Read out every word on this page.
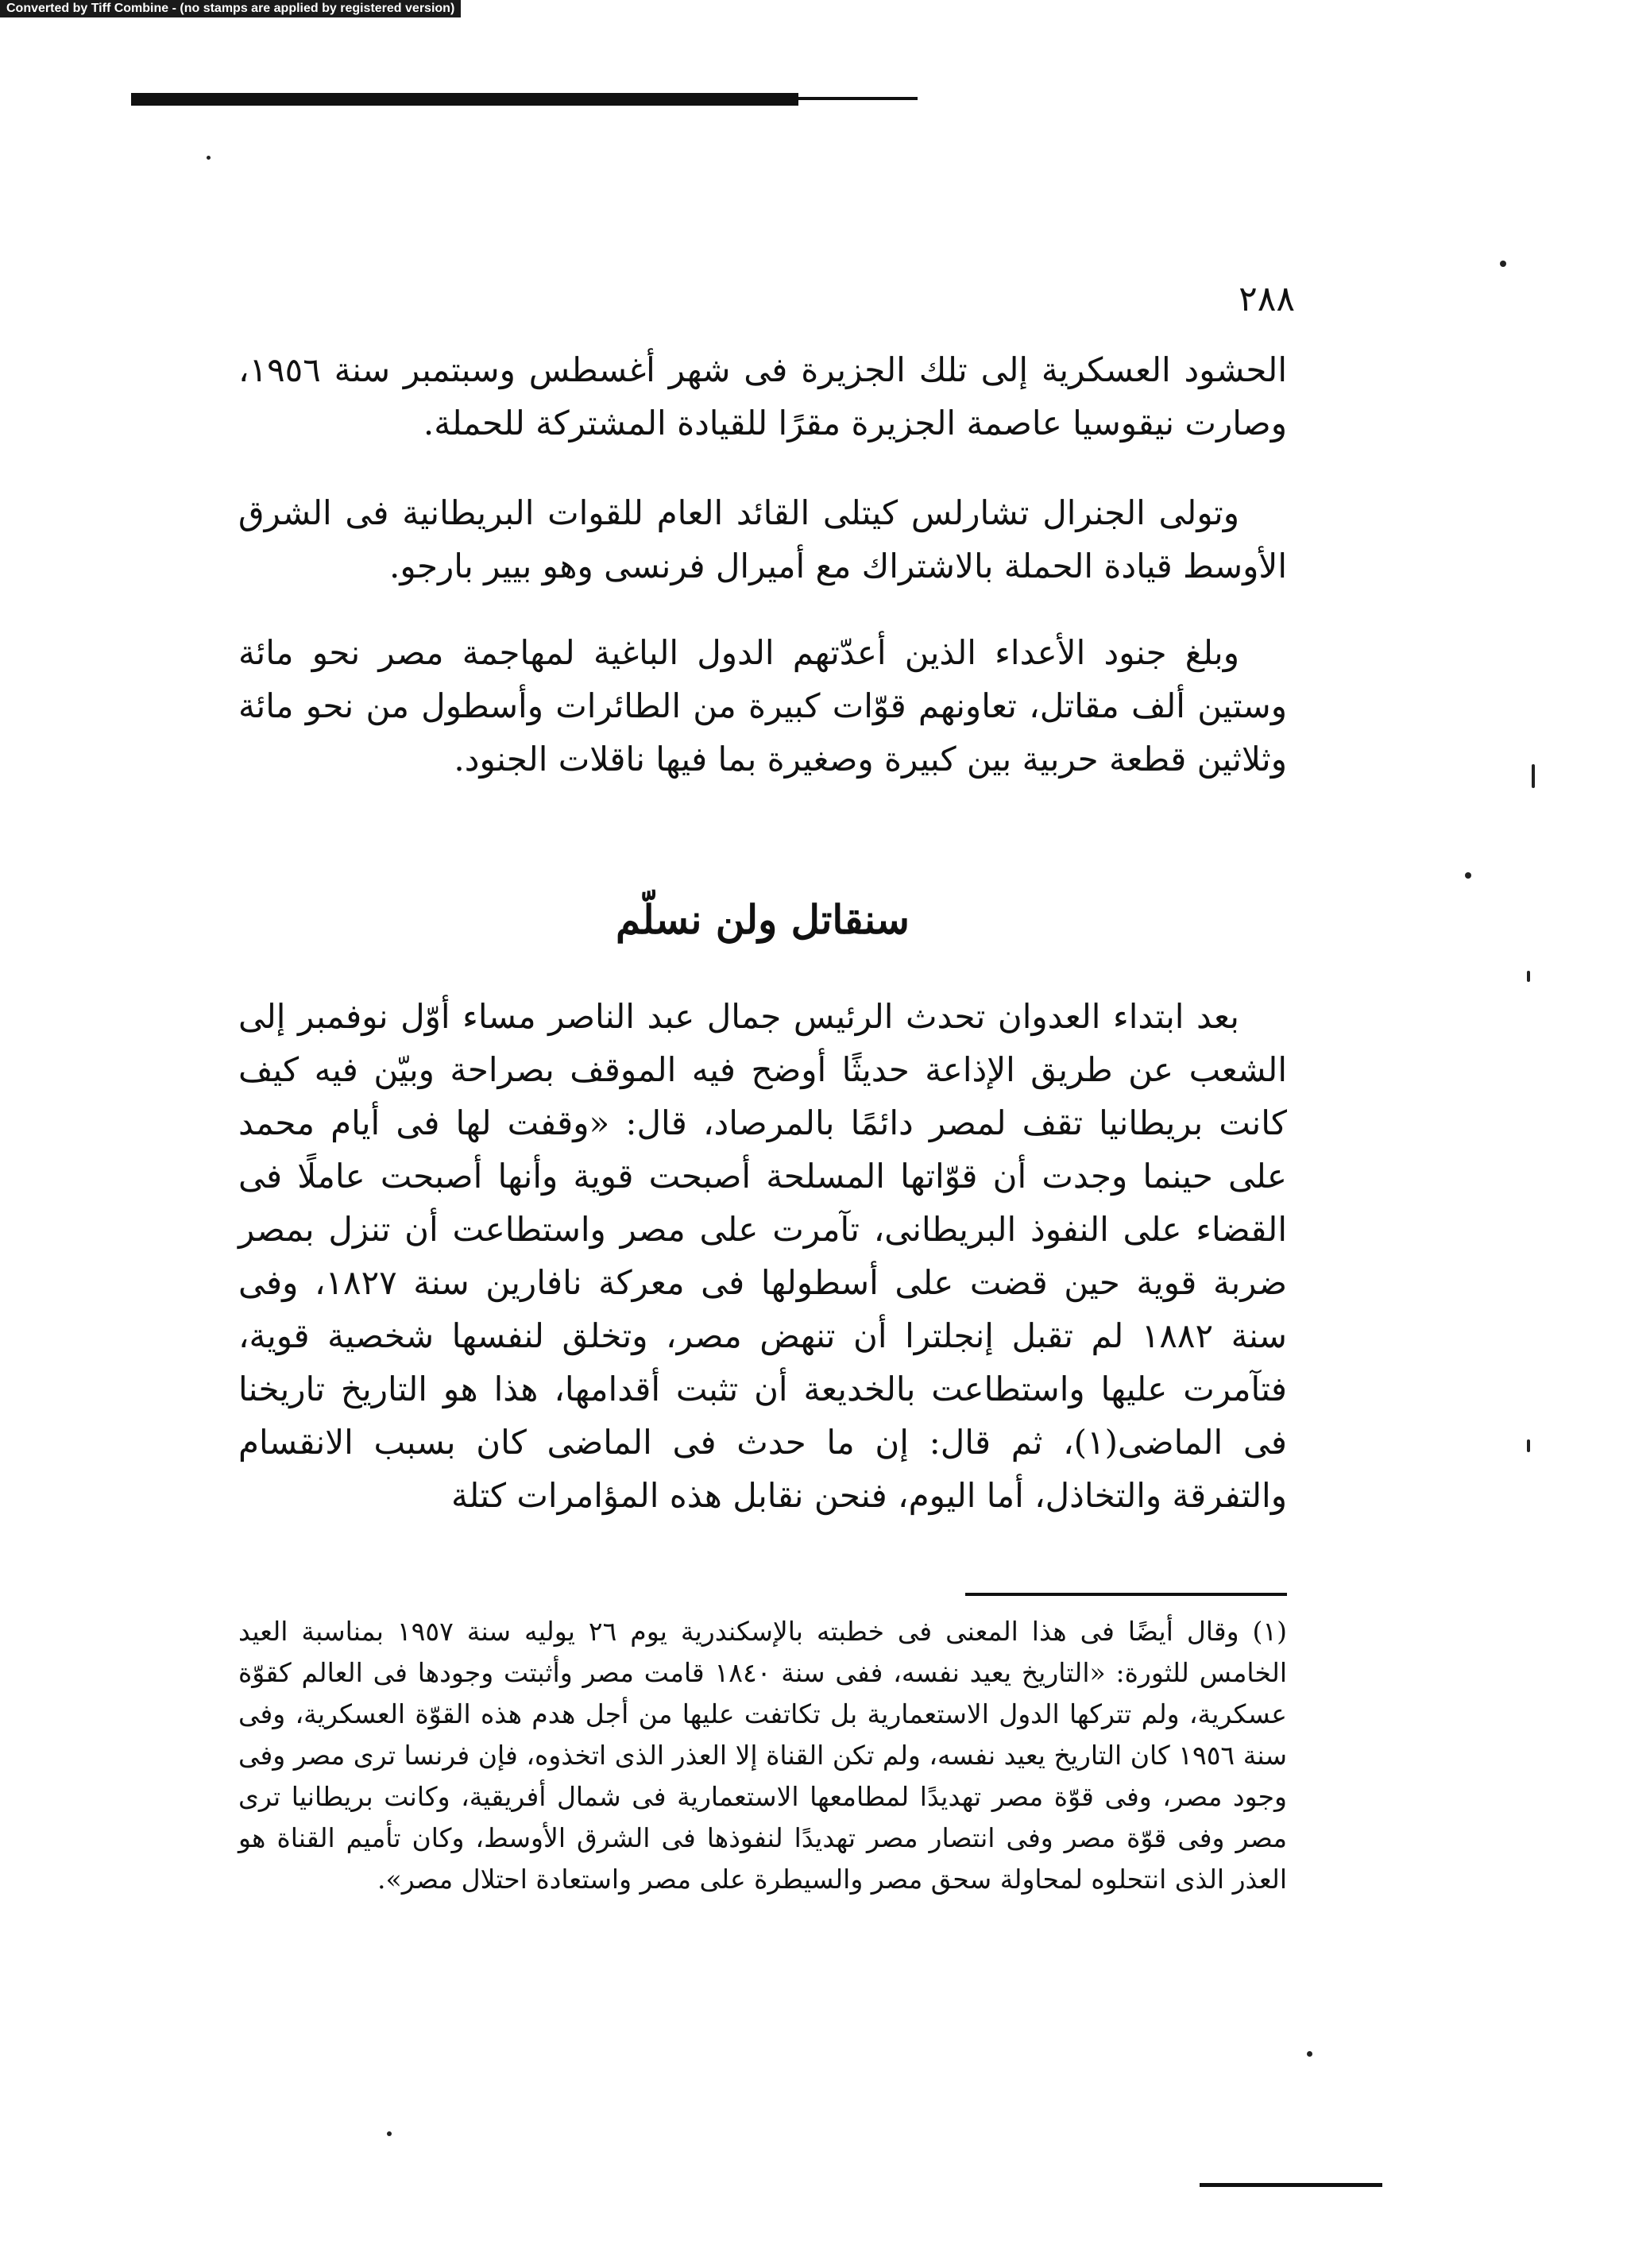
Converted by Tiff Combine - (no stamps are applied by registered version)
٢٨٨

الحشود العسكرية إلى تلك الجزيرة فى شهر أغسطس وسبتمبر سنة ١٩٥٦، وصارت نيقوسيا عاصمة الجزيرة مقرًا للقيادة المشتركة للحملة.

وتولى الجنرال تشارلس كيتلى القائد العام للقوات البريطانية فى الشرق الأوسط قيادة الحملة بالاشتراك مع أميرال فرنسى وهو بيير بارجو.

وبلغ جنود الأعداء الذين أعدّتهم الدول الباغية لمهاجمة مصر نحو مائة وستين ألف مقاتل، تعاونهم قوّات كبيرة من الطائرات وأسطول من نحو مائة وثلاثين قطعة حربية بين كبيرة وصغيرة بما فيها ناقلات الجنود.

سنقاتل ولن نسلّم

بعد ابتداء العدوان تحدث الرئيس جمال عبد الناصر مساء أوّل نوفمبر إلى الشعب عن طريق الإذاعة حديثًا أوضح فيه الموقف بصراحة وبيّن فيه كيف كانت بريطانيا تقف لمصر دائمًا بالمرصاد، قال: «وقفت لها فى أيام محمد على حينما وجدت أن قوّاتها المسلحة أصبحت قوية وأنها أصبحت عاملًا فى القضاء على النفوذ البريطانى، تآمرت على مصر واستطاعت أن تنزل بمصر ضربة قوية حين قضت على أسطولها فى معركة نافارين سنة ١٨٢٧، وفى سنة ١٨٨٢ لم تقبل إنجلترا أن تنهض مصر، وتخلق لنفسها شخصية قوية، فتآمرت عليها واستطاعت بالخديعة أن تثبت أقدامها، هذا هو التاريخ تاريخنا فى الماضى(١)، ثم قال: إن ما حدث فى الماضى كان بسبب الانقسام والتفرقة والتخاذل، أما اليوم، فنحن نقابل هذه المؤامرات كتلة

(١) وقال أيضًا فى هذا المعنى فى خطبته بالإسكندرية يوم ٢٦ يوليه سنة ١٩٥٧ بمناسبة العيد الخامس للثورة: «التاريخ يعيد نفسه، ففى سنة ١٨٤٠ قامت مصر وأثبتت وجودها فى العالم كقوّة عسكرية، ولم تتركها الدول الاستعمارية بل تكاتفت عليها من أجل هدم هذه القوّة العسكرية، وفى سنة ١٩٥٦ كان التاريخ يعيد نفسه، ولم تكن القناة إلا العذر الذى اتخذوه، فإن فرنسا ترى مصر وفى وجود مصر، وفى قوّة مصر تهديدًا لمطامعها الاستعمارية فى شمال أفريقية، وكانت بريطانيا ترى مصر وفى قوّة مصر وفى انتصار مصر تهديدًا لنفوذها فى الشرق الأوسط، وكان تأميم القناة هو العذر الذى انتحلوه لمحاولة سحق مصر والسيطرة على مصر واستعادة احتلال مصر».
